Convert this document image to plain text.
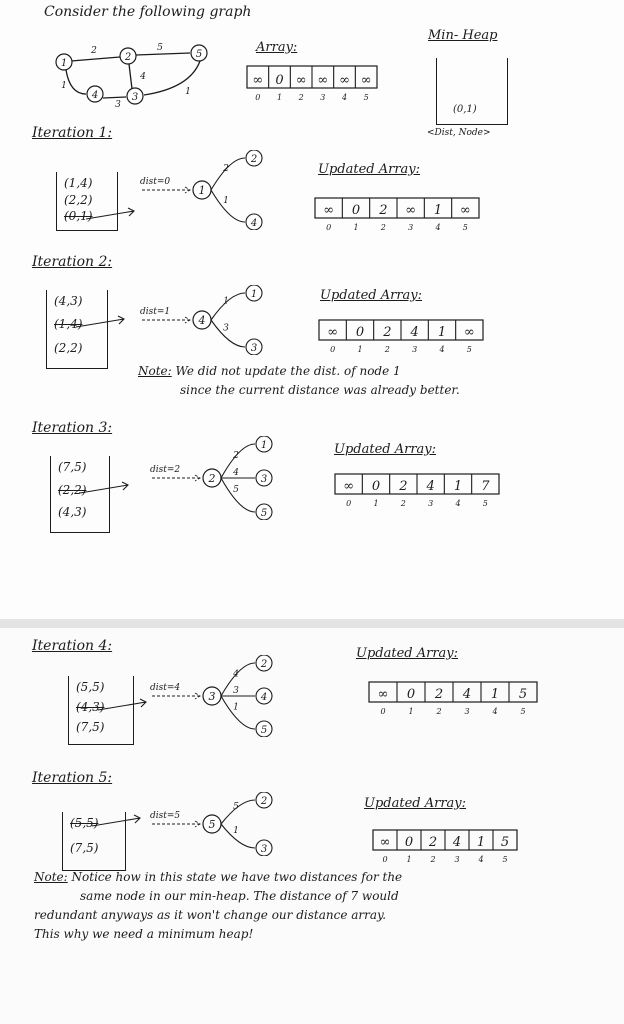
Consider the following graph
1
2
3
4
5
2	5
4
1
3
1
Array:
∞
0
0
1
∞
2
∞
3
∞
4
∞
5
Min- Heap
(0,1)
<Dist, Node>
Iteration 1:
(1,4)
(2,2)
(0,1)
dist=0
2
2
4
1
1
Updated Array:
∞
0
0
1
2
2
∞
3
1
4
∞
5
Iteration 2:
(4,3)
(1,4)
(2,2)
dist=1
1
1
3
3
4
Updated Array:
∞
0
0
1
2
2
4
3
1
4
∞
5
Iteration 3:
(7,5)
(2,2)
(4,3)
dist=2
1
2
3
4
5
5
2
Updated Array:
∞
0
0
1
2
2
4
3
1
4
7
5
Iteration 4:
(5,5)
(4,3)
(7,5)
dist=4
2
4
4
3
5
1
3
Updated Array:
∞
0
0
1
2
2
4
3
1
4
5
5
Iteration 5:
(5,5)
(7,5)
dist=5
2
5
3
1
5
Updated Array:
∞
0
0
1
2
2
4
3
1
4
5
5
Note: We did not update the dist. of node 1
since the current distance was already better.
Note: Notice how in this state we have two distances for the
same node in our min-heap. The distance of 7 would
redundant anyways as it won't change our distance array.
This why we need a minimum heap!
